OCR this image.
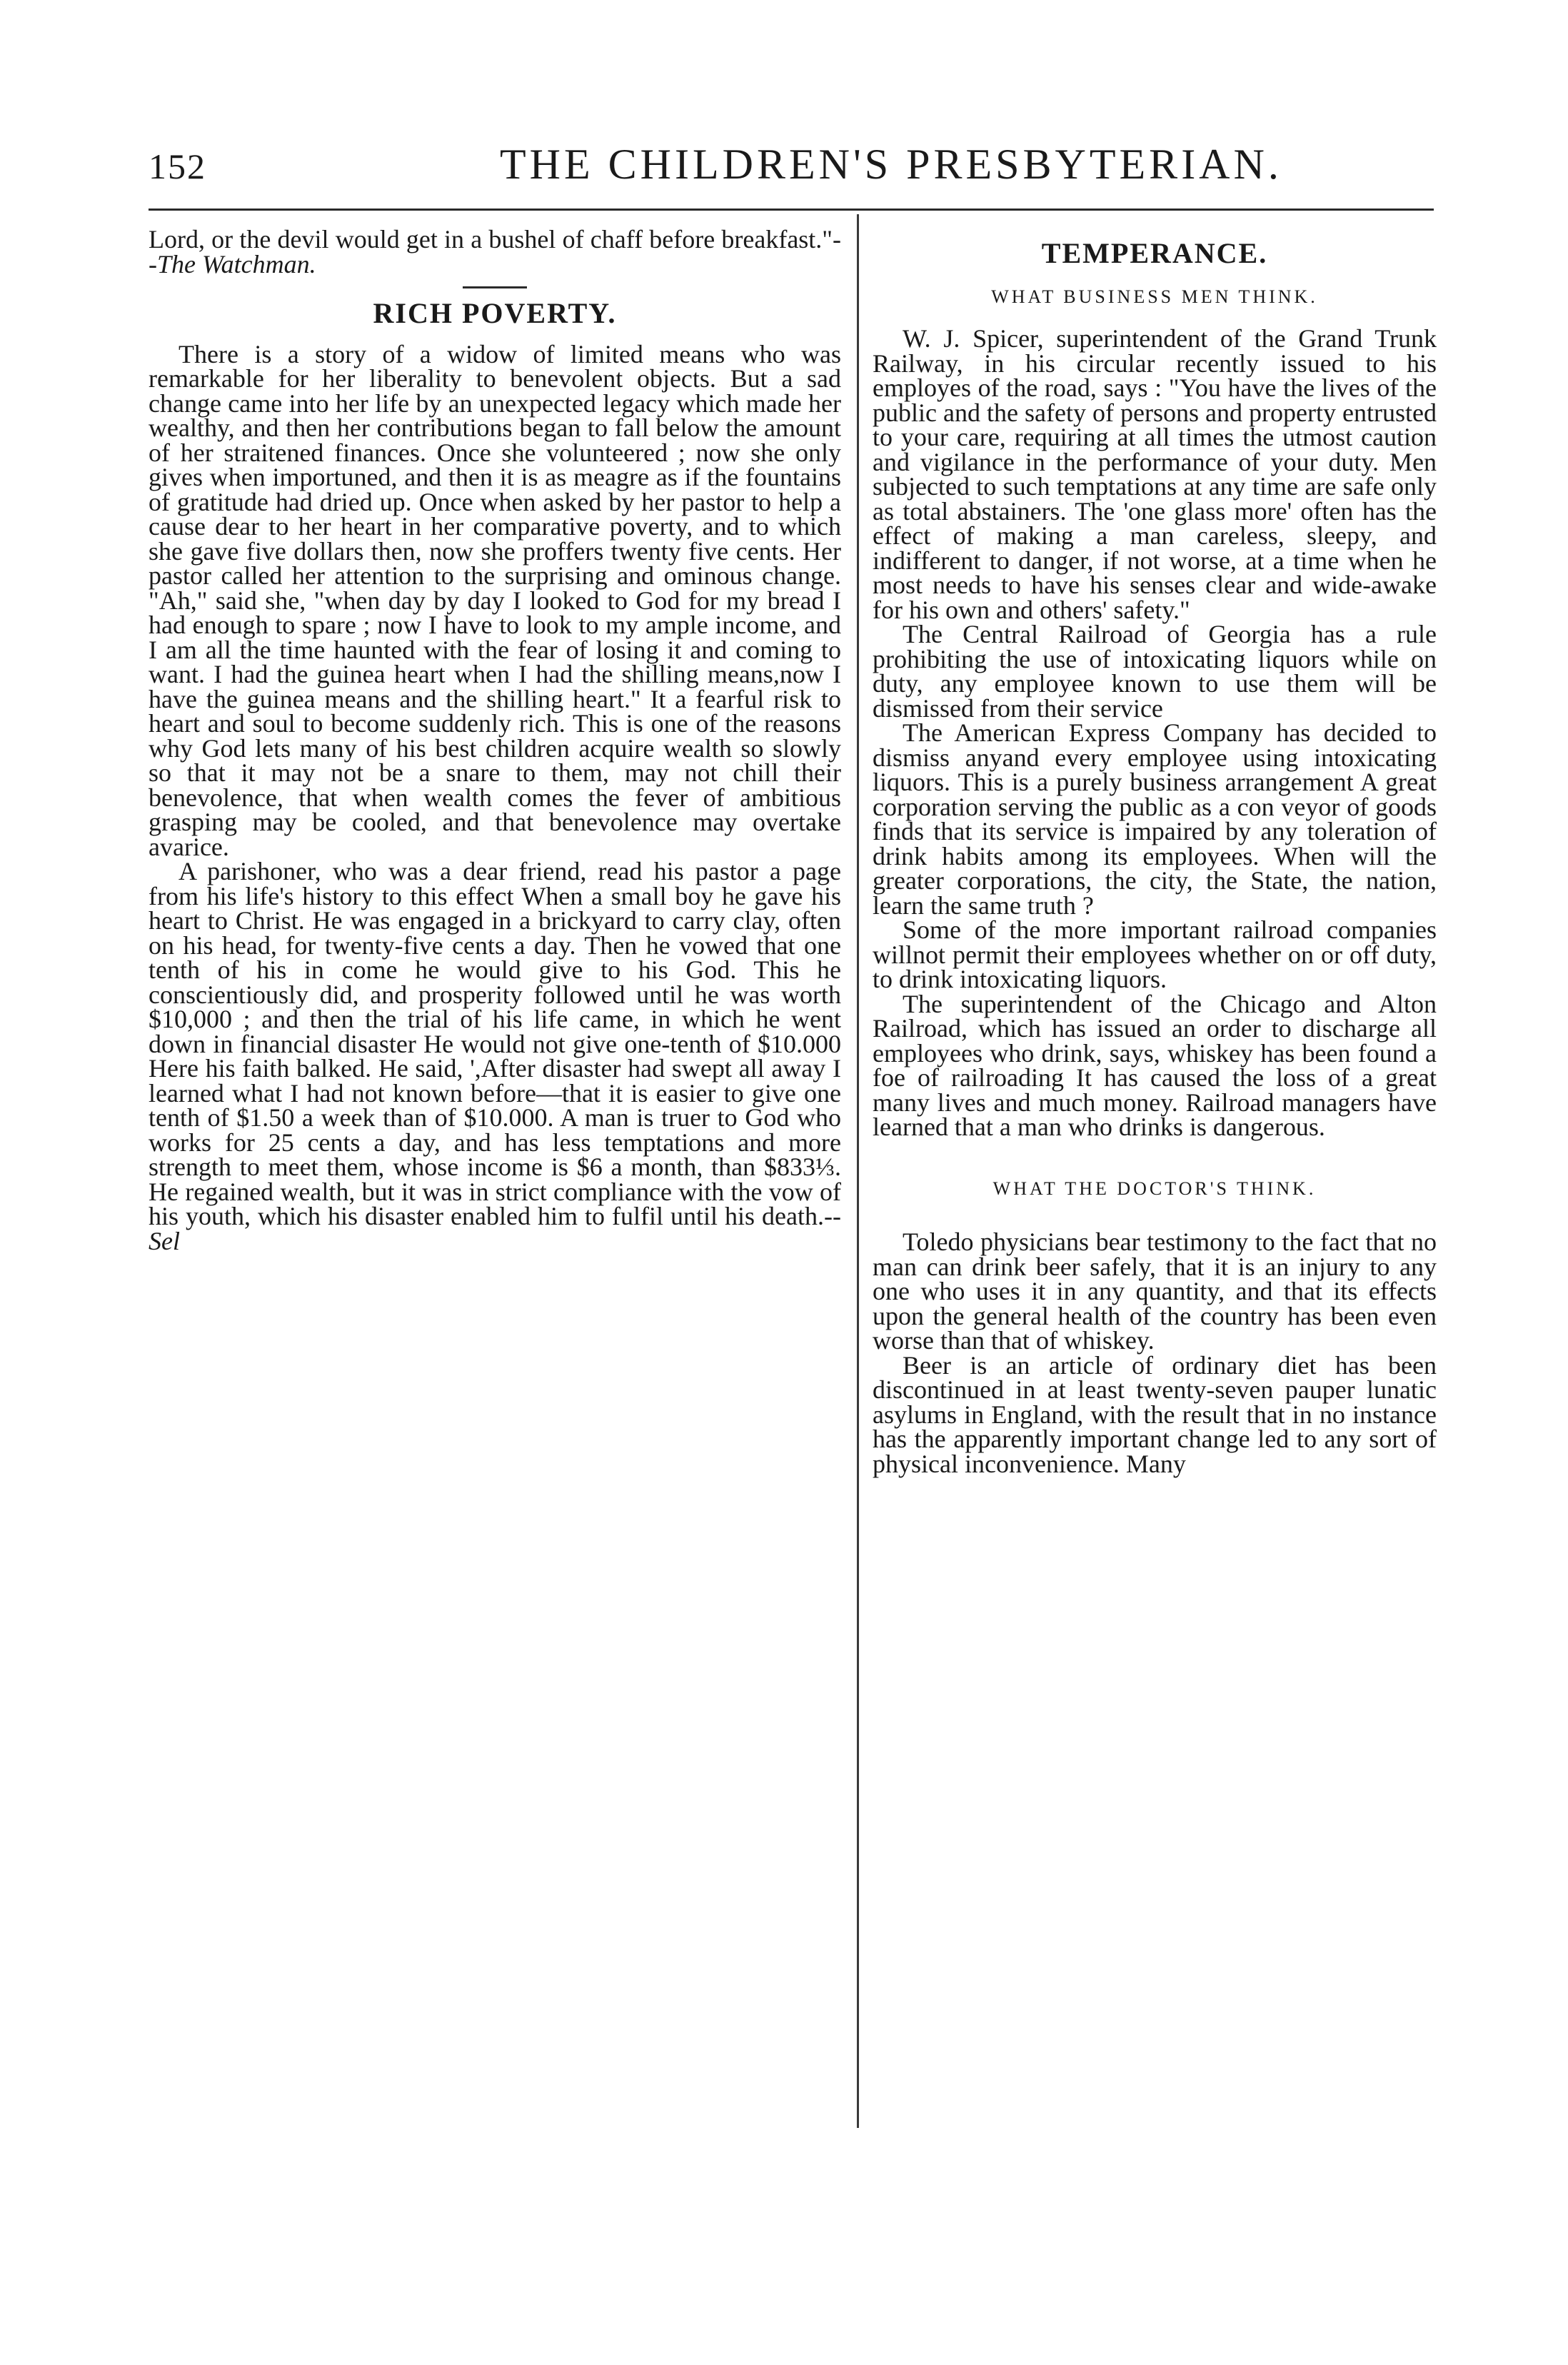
152	THE CHILDREN'S PRESBYTERIAN.

Lord, or the devil would get in a bushel of chaff before breakfast."--The Watchman.

RICH POVERTY.

There is a story of a widow of limited means who was remarkable for her liberality to benevolent objects. But a sad change came into her life by an unexpected legacy which made her wealthy, and then her contributions began to fall below the amount of her straitened finances. Once she volunteered ; now she only gives when importuned, and then it is as meagre as if the fountains of gratitude had dried up. Once when asked by her pastor to help a cause dear to her heart in her comparative poverty, and to which she gave five dollars then, now she proffers twenty five cents. Her pastor called her attention to the surprising and ominous change. "Ah," said she, "when day by day I looked to God for my bread I had enough to spare ; now I have to look to my ample income, and I am all the time haunted with the fear of losing it and coming to want. I had the guinea heart when I had the shilling means,now I have the guinea means and the shilling heart." It a fearful risk to heart and soul to become suddenly rich. This is one of the reasons why God lets many of his best children acquire wealth so slowly so that it may not be a snare to them, may not chill their benevolence, that when wealth comes the fever of ambitious grasping may be cooled, and that benevolence may overtake avarice.

A parishoner, who was a dear friend, read his pastor a page from his life's history to this effect When a small boy he gave his heart to Christ. He was engaged in a brickyard to carry clay, often on his head, for twenty-five cents a day. Then he vowed that one tenth of his in come he would give to his God. This he conscientiously did, and prosperity followed until he was worth $10,000 ; and then the trial of his life came, in which he went down in financial disaster He would not give one-tenth of $10.000 Here his faith balked. He said, ',After disaster had swept all away I learned what I had not known before—that it is easier to give one tenth of $1.50 a week than of $10.000. A man is truer to God who works for 25 cents a day, and has less temptations and more strength to meet them, whose income is $6 a month, than $833⅓. He regained wealth, but it was in strict compliance with the vow of his youth, which his disaster enabled him to fulfil until his death.--Sel

TEMPERANCE.
WHAT BUSINESS MEN THINK.

W. J. Spicer, superintendent of the Grand Trunk Railway, in his circular recently issued to his employes of the road, says : "You have the lives of the public and the safety of persons and property entrusted to your care, requiring at all times the utmost caution and vigilance in the performance of your duty. Men subjected to such temptations at any time are safe only as total abstainers. The 'one glass more' often has the effect of making a man careless, sleepy, and indifferent to danger, if not worse, at a time when he most needs to have his senses clear and wide-awake for his own and others' safety."

The Central Railroad of Georgia has a rule prohibiting the use of intoxicating liquors while on duty, any employee known to use them will be dismissed from their service

The American Express Company has decided to dismiss anyand every employee using intoxicating liquors. This is a purely business arrangement A great corporation serving the public as a con veyor of goods finds that its service is impaired by any toleration of drink habits among its employees. When will the greater corporations, the city, the State, the nation, learn the same truth ?

Some of the more important railroad companies willnot permit their employees whether on or off duty, to drink intoxicating liquors.

The superintendent of the Chicago and Alton Railroad, which has issued an order to discharge all employees who drink, says, whiskey has been found a foe of railroading It has caused the loss of a great many lives and much money. Railroad managers have learned that a man who drinks is dangerous.

WHAT THE DOCTOR'S THINK.

Toledo physicians bear testimony to the fact that no man can drink beer safely, that it is an injury to any one who uses it in any quantity, and that its effects upon the general health of the country has been even worse than that of whiskey.

Beer is an article of ordinary diet has been discontinued in at least twenty-seven pauper lunatic asylums in England, with the result that in no instance has the apparently important change led to any sort of physical inconvenience. Many
